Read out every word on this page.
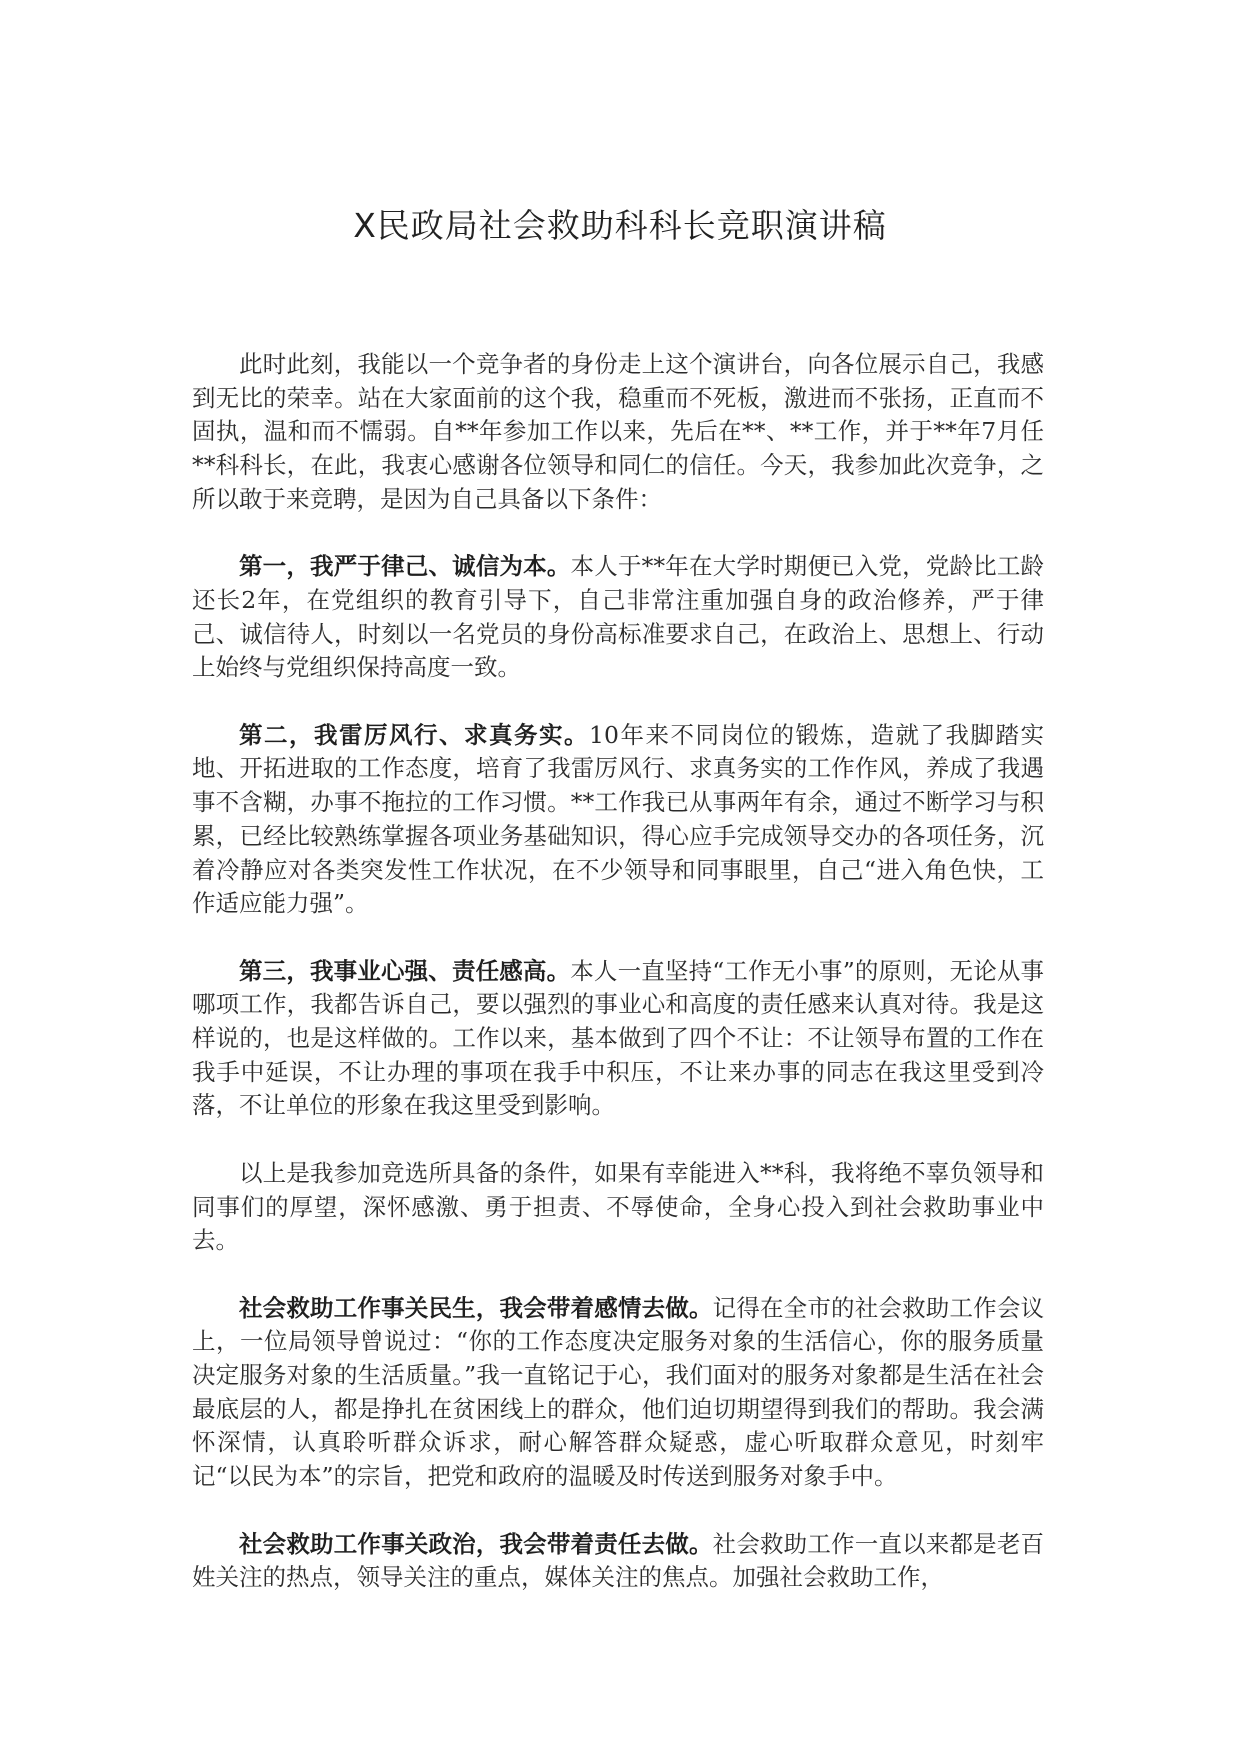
X民政局社会救助科科长竞职演讲稿

此时此刻，我能以一个竞争者的身份走上这个演讲台，向各位展示自己，我感到无比的荣幸。站在大家面前的这个我，稳重而不死板，激进而不张扬，正直而不固执，温和而不懦弱。自**年参加工作以来，先后在**、**工作，并于**年7月任**科科长，在此，我衷心感谢各位领导和同仁的信任。今天，我参加此次竞争，之所以敢于来竞聘，是因为自己具备以下条件：

第一，我严于律己、诚信为本。本人于**年在大学时期便已入党，党龄比工龄还长2年，在党组织的教育引导下，自己非常注重加强自身的政治修养，严于律己、诚信待人，时刻以一名党员的身份高标准要求自己，在政治上、思想上、行动上始终与党组织保持高度一致。

第二，我雷厉风行、求真务实。10年来不同岗位的锻炼，造就了我脚踏实地、开拓进取的工作态度，培育了我雷厉风行、求真务实的工作作风，养成了我遇事不含糊，办事不拖拉的工作习惯。**工作我已从事两年有余，通过不断学习与积累，已经比较熟练掌握各项业务基础知识，得心应手完成领导交办的各项任务，沉着冷静应对各类突发性工作状况，在不少领导和同事眼里，自己“进入角色快，工作适应能力强”。

第三，我事业心强、责任感高。本人一直坚持“工作无小事”的原则，无论从事哪项工作，我都告诉自己，要以强烈的事业心和高度的责任感来认真对待。我是这样说的，也是这样做的。工作以来，基本做到了四个不让：不让领导布置的工作在我手中延误，不让办理的事项在我手中积压，不让来办事的同志在我这里受到冷落，不让单位的形象在我这里受到影响。

以上是我参加竞选所具备的条件，如果有幸能进入**科，我将绝不辜负领导和同事们的厚望，深怀感激、勇于担责、不辱使命，全身心投入到社会救助事业中去。

社会救助工作事关民生，我会带着感情去做。记得在全市的社会救助工作会议上，一位局领导曾说过：“你的工作态度决定服务对象的生活信心，你的服务质量决定服务对象的生活质量。”我一直铭记于心，我们面对的服务对象都是生活在社会最底层的人，都是挣扎在贫困线上的群众，他们迫切期望得到我们的帮助。我会满怀深情，认真聆听群众诉求，耐心解答群众疑惑，虚心听取群众意见，时刻牢记“以民为本”的宗旨，把党和政府的温暖及时传送到服务对象手中。

社会救助工作事关政治，我会带着责任去做。社会救助工作一直以来都是老百姓关注的热点，领导关注的重点，媒体关注的焦点。加强社会救助工作，
